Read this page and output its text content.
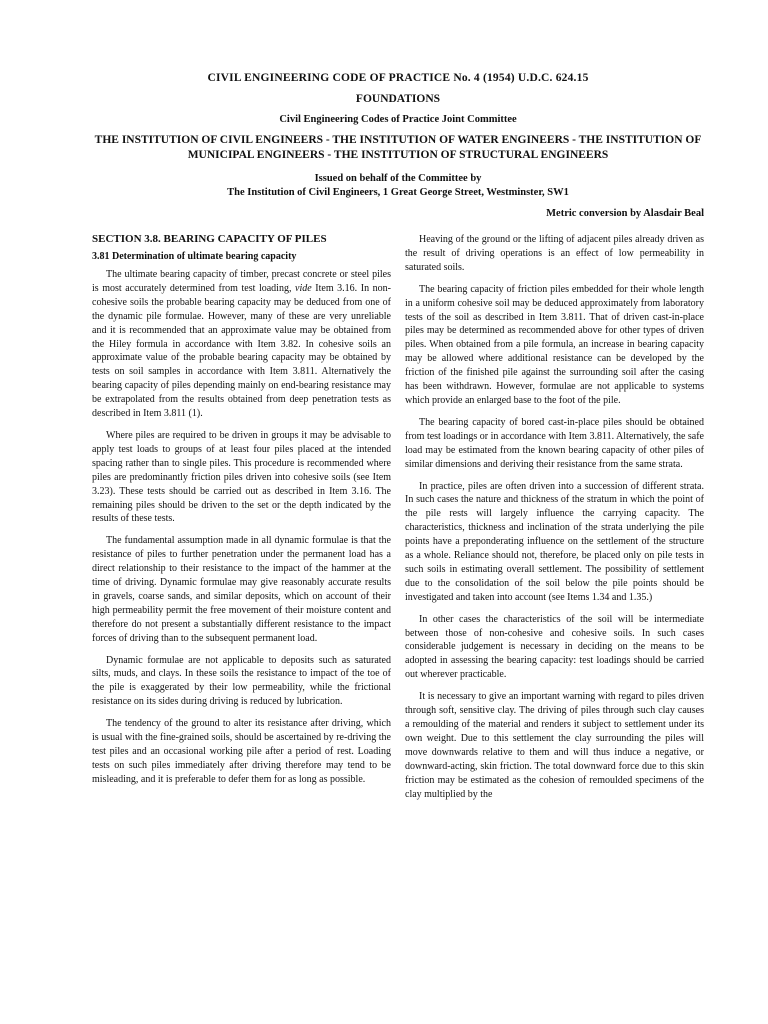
CIVIL ENGINEERING CODE OF PRACTICE No. 4 (1954) U.D.C. 624.15
FOUNDATIONS
Civil Engineering Codes of Practice Joint Committee
THE INSTITUTION OF CIVIL ENGINEERS - THE INSTITUTION OF WATER ENGINEERS - THE INSTITUTION OF MUNICIPAL ENGINEERS - THE INSTITUTION OF STRUCTURAL ENGINEERS
Issued on behalf of the Committee by
The Institution of Civil Engineers, 1 Great George Street, Westminster, SW1
Metric conversion by Alasdair Beal
SECTION 3.8. BEARING CAPACITY OF PILES
3.81 Determination of ultimate bearing capacity

The ultimate bearing capacity of timber, precast concrete or steel piles is most accurately determined from test loading, vide Item 3.16. In non-cohesive soils the probable bearing capacity may be deduced from one of the dynamic pile formulae. However, many of these are very unreliable and it is recommended that an approximate value may be obtained from the Hiley formula in accordance with Item 3.82. In cohesive soils an approximate value of the probable bearing capacity may be obtained by tests on soil samples in accordance with Item 3.811. Alternatively the bearing capacity of piles depending mainly on end-bearing resistance may be extrapolated from the results obtained from deep penetration tests as described in Item 3.811 (1).

Where piles are required to be driven in groups it may be advisable to apply test loads to groups of at least four piles placed at the intended spacing rather than to single piles. This procedure is recommended where piles are predominantly friction piles driven into cohesive soils (see Item 3.23). These tests should be carried out as described in Item 3.16. The remaining piles should be driven to the set or the depth indicated by the results of these tests.

The fundamental assumption made in all dynamic formulae is that the resistance of piles to further penetration under the permanent load has a direct relationship to their resistance to the impact of the hammer at the time of driving. Dynamic formulae may give reasonably accurate results in gravels, coarse sands, and similar deposits, which on account of their high permeability permit the free movement of their moisture content and therefore do not present a substantially different resistance to the impact forces of driving than to the subsequent permanent load.

Dynamic formulae are not applicable to deposits such as saturated silts, muds, and clays. In these soils the resistance to impact of the toe of the pile is exaggerated by their low permeability, while the frictional resistance on its sides during driving is reduced by lubrication.

The tendency of the ground to alter its resistance after driving, which is usual with the fine-grained soils, should be ascertained by re-driving the test piles and an occasional working pile after a period of rest. Loading tests on such piles immediately after driving therefore may tend to be misleading, and it is preferable to defer them for as long as possible.

Heaving of the ground or the lifting of adjacent piles already driven as the result of driving operations is an effect of low permeability in saturated soils.

The bearing capacity of friction piles embedded for their whole length in a uniform cohesive soil may be deduced approximately from laboratory tests of the soil as described in Item 3.811. That of driven cast-in-place piles may be determined as recommended above for other types of driven piles. When obtained from a pile formula, an increase in bearing capacity may be allowed where additional resistance can be developed by the friction of the finished pile against the surrounding soil after the casing has been withdrawn. However, formulae are not applicable to systems which provide an enlarged base to the foot of the pile.

The bearing capacity of bored cast-in-place piles should be obtained from test loadings or in accordance with Item 3.811. Alternatively, the safe load may be estimated from the known bearing capacity of other piles of similar dimensions and deriving their resistance from the same strata.

In practice, piles are often driven into a succession of different strata. In such cases the nature and thickness of the stratum in which the point of the pile rests will largely influence the carrying capacity. The characteristics, thickness and inclination of the strata underlying the pile points have a preponderating influence on the settlement of the structure as a whole. Reliance should not, therefore, be placed only on pile tests in such soils in estimating overall settlement. The possibility of settlement due to the consolidation of the soil below the pile points should be investigated and taken into account (see Items 1.34 and 1.35.)

In other cases the characteristics of the soil will be intermediate between those of non-cohesive and cohesive soils. In such cases considerable judgement is necessary in deciding on the means to be adopted in assessing the bearing capacity: test loadings should be carried out wherever practicable.

It is necessary to give an important warning with regard to piles driven through soft, sensitive clay. The driving of piles through such clay causes a remoulding of the material and renders it subject to settlement under its own weight. Due to this settlement the clay surrounding the piles will move downwards relative to them and will thus induce a negative, or downward-acting, skin friction. The total downward force due to this skin friction may be estimated as the cohesion of remoulded specimens of the clay multiplied by the
